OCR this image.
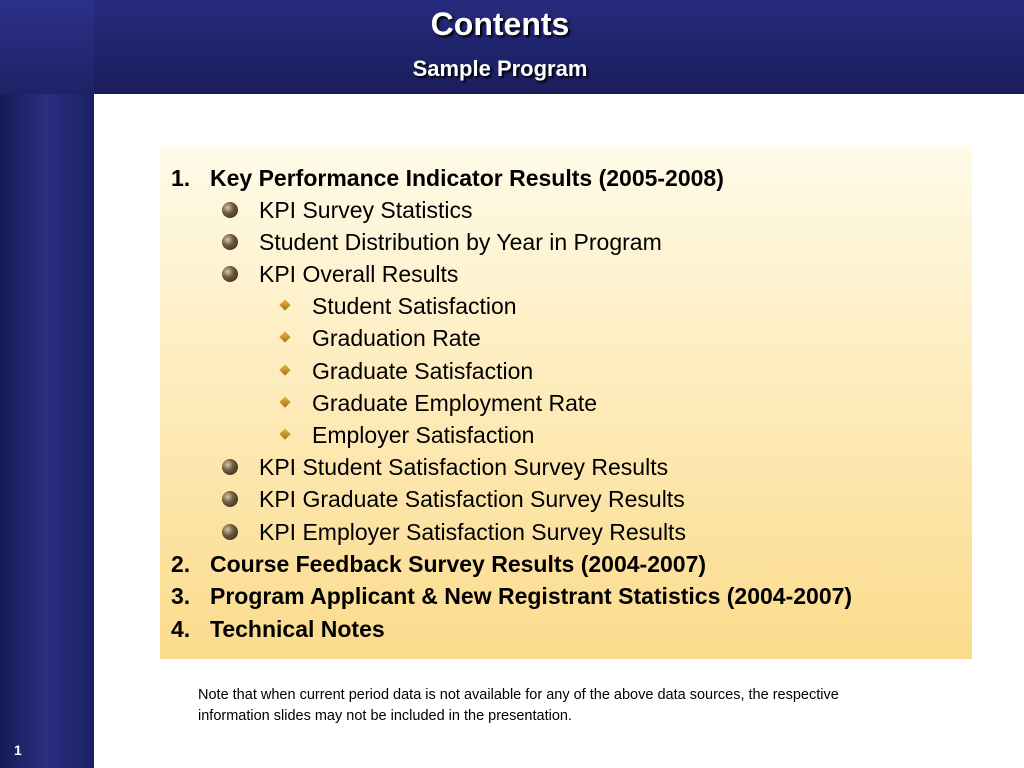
Contents
Sample Program
1. Key Performance Indicator Results (2005-2008)
KPI Survey Statistics
Student Distribution by Year in Program
KPI Overall Results
Student Satisfaction
Graduation Rate
Graduate Satisfaction
Graduate Employment Rate
Employer Satisfaction
KPI Student Satisfaction Survey Results
KPI Graduate Satisfaction Survey Results
KPI Employer Satisfaction Survey Results
2. Course Feedback Survey Results (2004-2007)
3. Program Applicant & New Registrant Statistics (2004-2007)
4. Technical Notes
Note that when current period data is not available for any of the above data sources, the respective information slides may not be included in the presentation.
1
